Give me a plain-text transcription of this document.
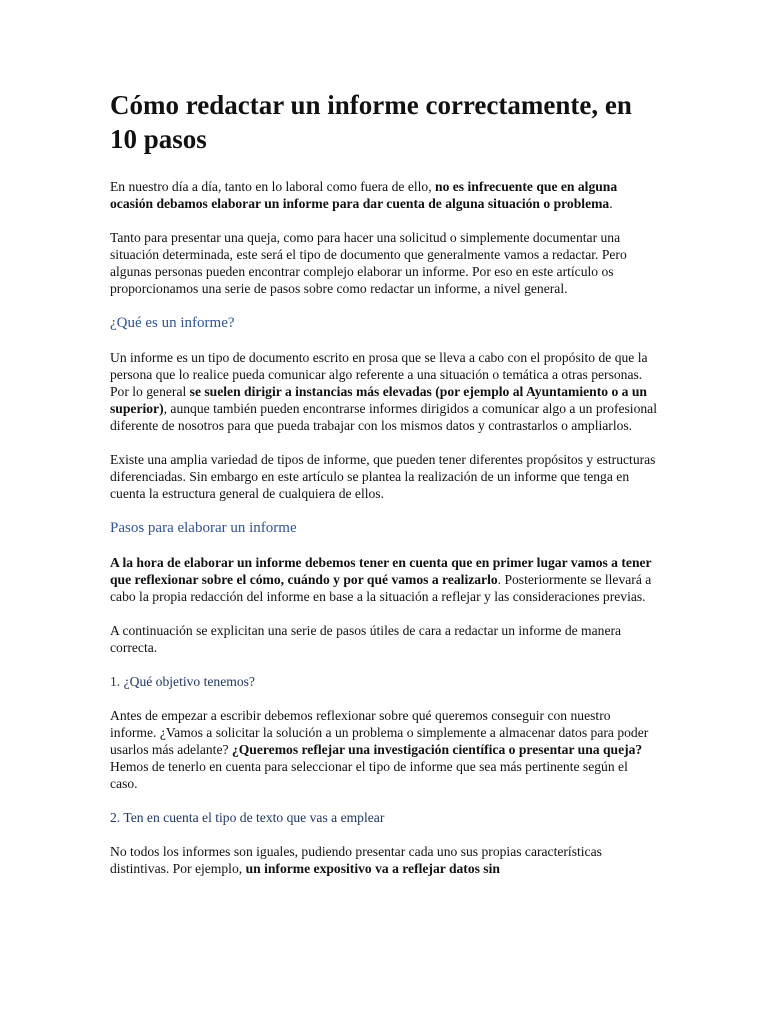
Cómo redactar un informe correctamente, en 10 pasos

En nuestro día a día, tanto en lo laboral como fuera de ello, no es infrecuente que en alguna ocasión debamos elaborar un informe para dar cuenta de alguna situación o problema.

Tanto para presentar una queja, como para hacer una solicitud o simplemente documentar una situación determinada, este será el tipo de documento que generalmente vamos a redactar. Pero algunas personas pueden encontrar complejo elaborar un informe. Por eso en este artículo os proporcionamos una serie de pasos sobre como redactar un informe, a nivel general.

¿Qué es un informe?

Un informe es un tipo de documento escrito en prosa que se lleva a cabo con el propósito de que la persona que lo realice pueda comunicar algo referente a una situación o temática a otras personas. Por lo general se suelen dirigir a instancias más elevadas (por ejemplo al Ayuntamiento o a un superior), aunque también pueden encontrarse informes dirigidos a comunicar algo a un profesional diferente de nosotros para que pueda trabajar con los mismos datos y contrastarlos o ampliarlos.

Existe una amplia variedad de tipos de informe, que pueden tener diferentes propósitos y estructuras diferenciadas. Sin embargo en este artículo se plantea la realización de un informe que tenga en cuenta la estructura general de cualquiera de ellos.

Pasos para elaborar un informe

A la hora de elaborar un informe debemos tener en cuenta que en primer lugar vamos a tener que reflexionar sobre el cómo, cuándo y por qué vamos a realizarlo. Posteriormente se llevará a cabo la propia redacción del informe en base a la situación a reflejar y las consideraciones previas.

A continuación se explicitan una serie de pasos útiles de cara a redactar un informe de manera correcta.

1. ¿Qué objetivo tenemos?

Antes de empezar a escribir debemos reflexionar sobre qué queremos conseguir con nuestro informe. ¿Vamos a solicitar la solución a un problema o simplemente a almacenar datos para poder usarlos más adelante? ¿Queremos reflejar una investigación científica o presentar una queja? Hemos de tenerlo en cuenta para seleccionar el tipo de informe que sea más pertinente según el caso.

2. Ten en cuenta el tipo de texto que vas a emplear

No todos los informes son iguales, pudiendo presentar cada uno sus propias características distintivas. Por ejemplo, un informe expositivo va a reflejar datos sin
